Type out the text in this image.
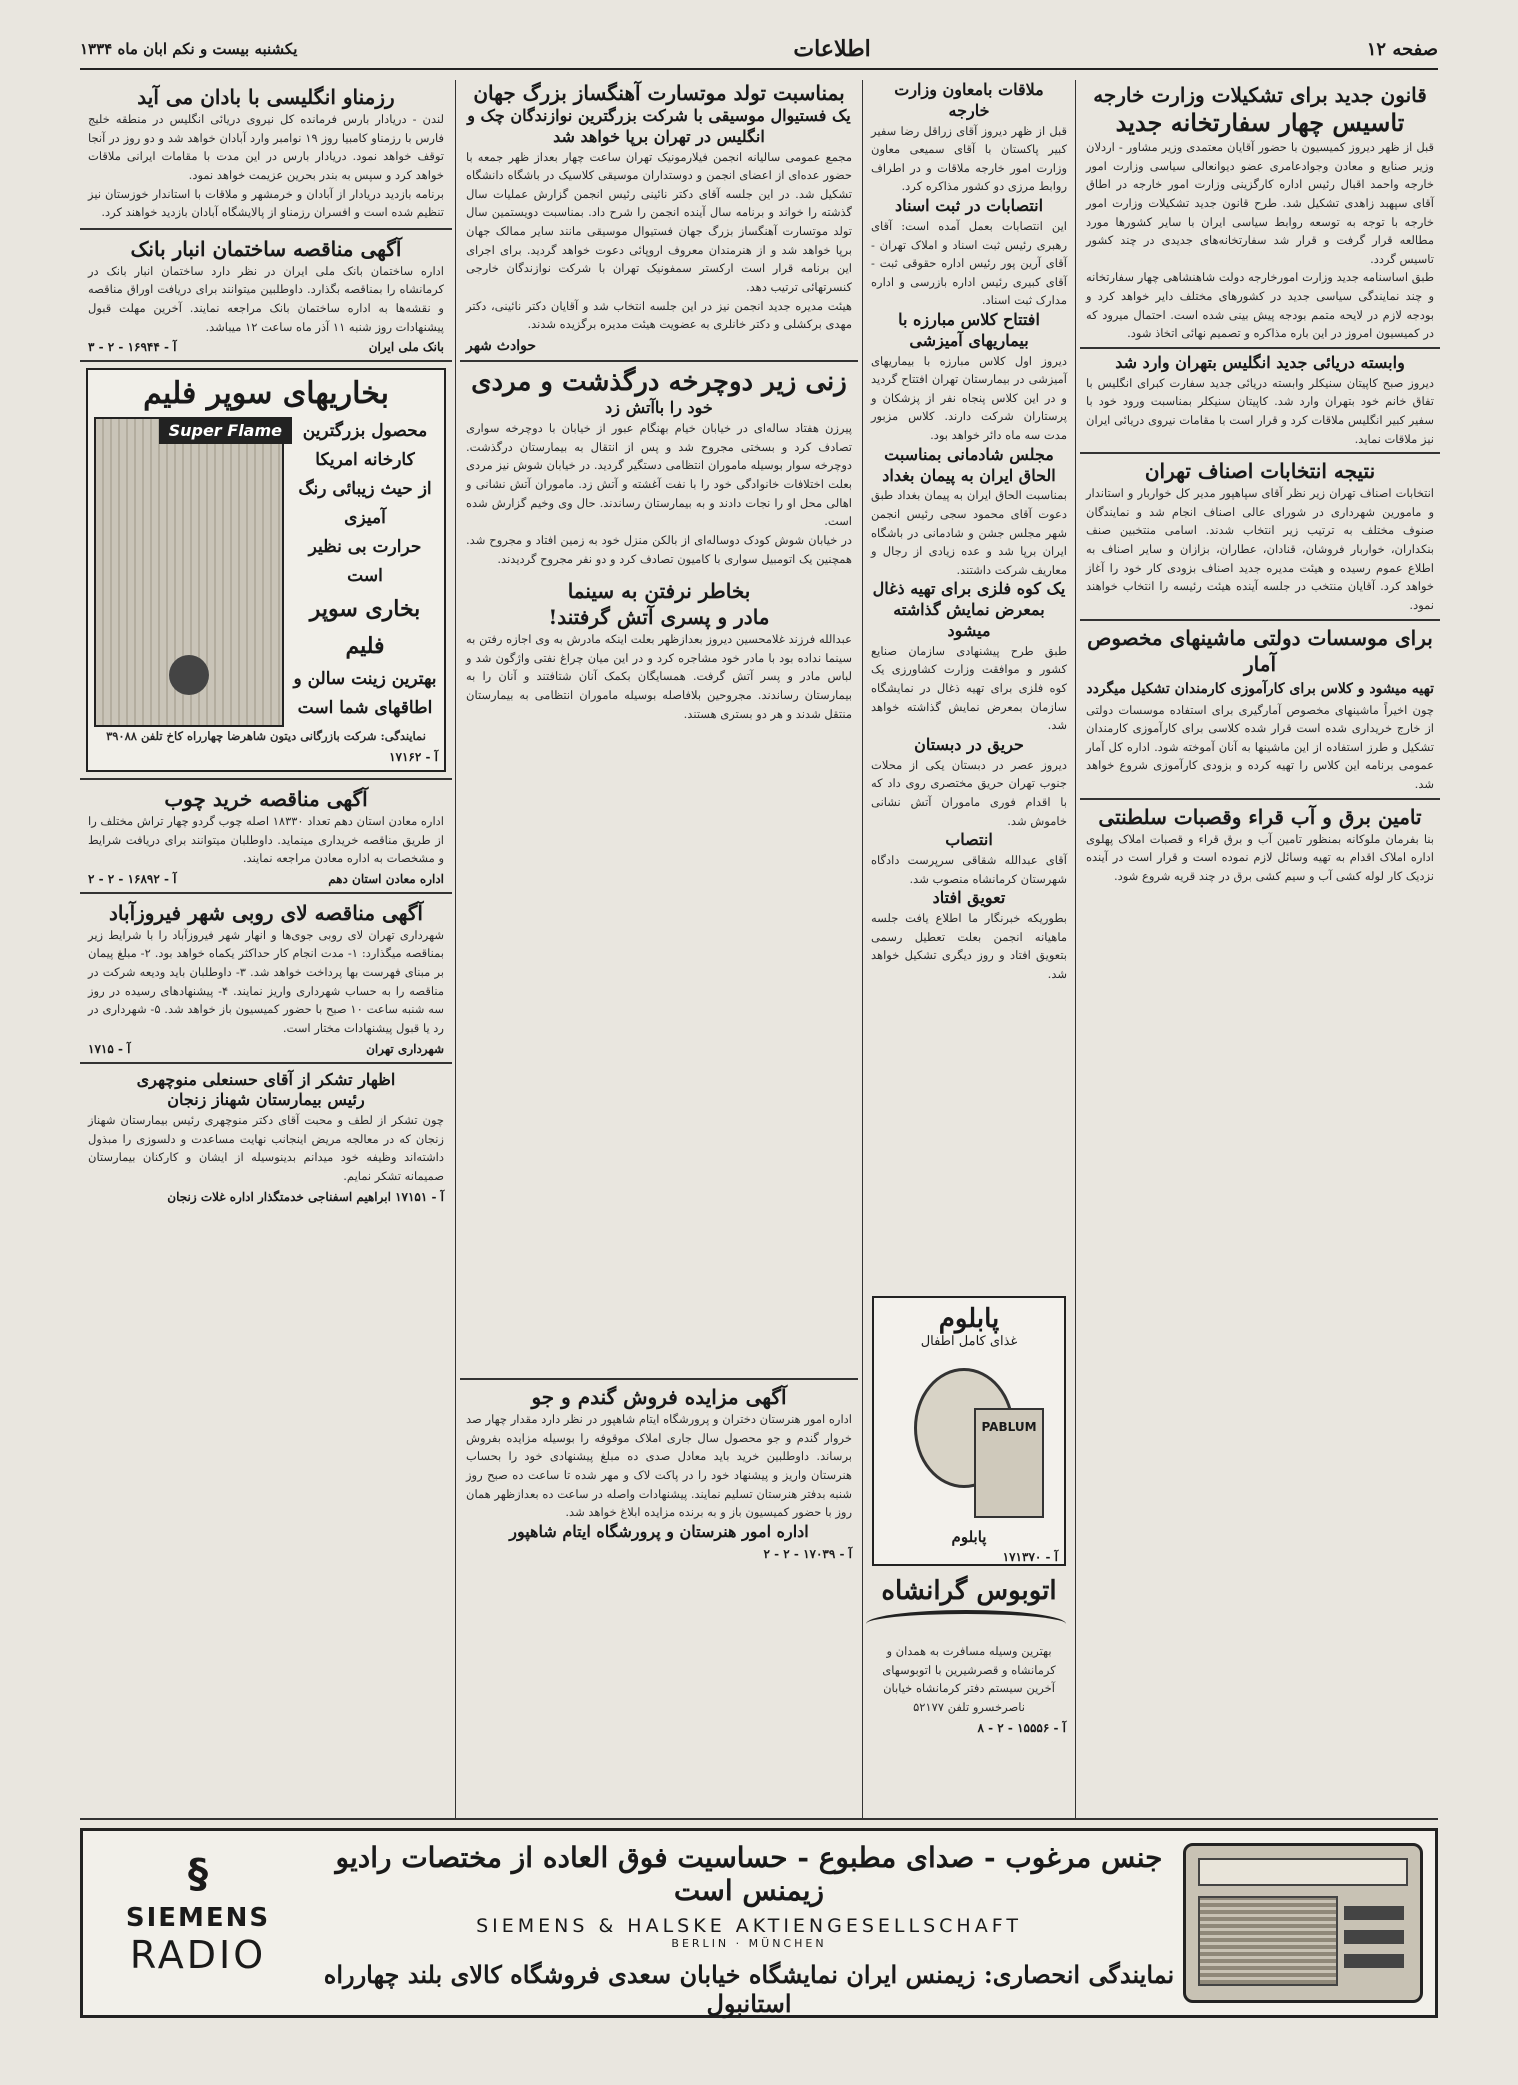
صفحه ۱۲
اطلاعات
یکشنبه بیست و نکم ابان ماه ۱۳۳۴
قانون جدید برای تشکیلات وزارت خارجه
تاسیس چهار سفارتخانه جدید

قبل از ظهر دیروز کمیسیون با حضور آقایان معتمدی وزیر مشاور - اردلان وزیر صنایع و معادن وجوادعامری عضو دیوانعالی سیاسی وزارت امور خارجه واحمد اقبال رئیس اداره کارگزینی وزارت امور خارجه در اطاق آقای سپهبد زاهدی تشکیل شد. طرح قانون جدید تشکیلات وزارت امور خارجه با توجه به توسعه روابط سیاسی ایران با سایر کشورها مورد مطالعه قرار گرفت و قرار شد سفارتخانه‌های جدیدی در چند کشور تاسیس گردد.

طبق اساسنامه جدید وزارت امورخارجه دولت شاهنشاهی چهار سفارتخانه و چند نمایندگی سیاسی جدید در کشورهای مختلف دایر خواهد کرد و بودجه لازم در لایحه متمم بودجه پیش بینی شده است. احتمال میرود که در کمیسیون امروز در این باره مذاکره و تصمیم نهائی اتخاذ شود.

وابسته دریائی جدید انگلیس بتهران وارد شد

دیروز صبح کاپیتان سنیکلر وابسته دریائی جدید سفارت کبرای انگلیس با تفاق خانم خود بتهران وارد شد. کاپیتان سنیکلر بمناسبت ورود خود با سفیر کبیر انگلیس ملاقات کرد و قرار است با مقامات نیروی دریائی ایران نیز ملاقات نماید.

نتیجه انتخابات اصناف تهران

انتخابات اصناف تهران زیر نظر آقای سپاهپور مدیر کل خواربار و استاندار و مامورین شهرداری در شورای عالی اصناف انجام شد و نمایندگان صنوف مختلف به ترتیب زیر انتخاب شدند. اسامی منتخبین صنف بنکداران، خواربار فروشان، قنادان، عطاران، بزازان و سایر اصناف به اطلاع عموم رسیده و هیئت مدیره جدید اصناف بزودی کار خود را آغاز خواهد کرد. آقایان منتخب در جلسه آینده هیئت رئیسه را انتخاب خواهند نمود.

برای موسسات دولتی ماشینهای مخصوص آمار
تهیه میشود و کلاس برای کارآموزی کارمندان تشکیل میگردد

چون اخیراً ماشینهای مخصوص آمارگیری برای استفاده موسسات دولتی از خارج خریداری شده است قرار شده کلاسی برای کارآموزی کارمندان تشکیل و طرز استفاده از این ماشینها به آنان آموخته شود. اداره کل آمار عمومی برنامه این کلاس را تهیه کرده و بزودی کارآموزی شروع خواهد شد.

تامین برق و آب قراء وقصبات سلطنتی

بنا بفرمان ملوکانه بمنظور تامین آب و برق قراء و قصبات املاک پهلوی اداره املاک اقدام به تهیه وسائل لازم نموده است و قرار است در آینده نزدیک کار لوله کشی آب و سیم کشی برق در چند قریه شروع شود.

ملاقات بامعاون وزارت خارجه

قبل از ظهر دیروز آقای زراقل رضا سفیر کبیر پاکستان با آقای سمیعی معاون وزارت امور خارجه ملاقات و در اطراف روابط مرزی دو کشور مذاکره کرد.

انتصابات در ثبت اسناد

این انتصابات بعمل آمده است: آقای رهبری رئیس ثبت اسناد و املاک تهران - آقای آرین پور رئیس اداره حقوقی ثبت - آقای کبیری رئیس اداره بازرسی و اداره مدارک ثبت اسناد.

افتتاح کلاس مبارزه با بیماریهای آمیزشی

دیروز اول کلاس مبارزه با بیماریهای آمیزشی در بیمارستان تهران افتتاح گردید و در این کلاس پنجاه نفر از پزشکان و پرستاران شرکت دارند. کلاس مزبور مدت سه ماه دائر خواهد بود.

مجلس شادمانی بمناسبت الحاق ایران به پیمان بغداد

بمناسبت الحاق ایران به پیمان بغداد طبق دعوت آقای محمود سجی رئیس انجمن شهر مجلس جشن و شادمانی در باشگاه ایران برپا شد و عده زیادی از رجال و معاریف شرکت داشتند.

یک کوه فلزی برای تهیه ذغال بمعرض نمایش گذاشته میشود

طبق طرح پیشنهادی سازمان صنایع کشور و موافقت وزارت کشاورزی یک کوه فلزی برای تهیه ذغال در نمایشگاه سازمان بمعرض نمایش گذاشته خواهد شد.

حریق در دبستان

دیروز عصر در دبستان یکی از محلات جنوب تهران حریق مختصری روی داد که با اقدام فوری ماموران آتش نشانی خاموش شد.

انتصاب

آقای عبدالله شقاقی سرپرست دادگاه شهرستان کرمانشاه منصوب شد.

تعویق افتاد

بطوریکه خبرنگار ما اطلاع یافت جلسه ماهیانه انجمن بعلت تعطیل رسمی بتعویق افتاد و روز دیگری تشکیل خواهد شد.

پابلوم
غذای کامل اطفال
PABLUM
پابلوم
آ - ۱۷۱۳۷۰
اتوبوس گرانشاه

بهترین وسیله مسافرت به همدان و کرمانشاه و قصرشیرین با اتوبوسهای آخرین سیستم دفتر کرمانشاه خیابان ناصرخسرو تلفن ۵۲۱۷۷

آ - ۱۵۵۵۶ - ۲ - ۸
بمناسبت تولد موتسارت آهنگساز بزرگ جهان
یک فستیوال موسیقی با شرکت بزرگترین نوازندگان چک و انگلیس در تهران برپا خواهد شد

مجمع عمومی سالیانه انجمن فیلارمونیک تهران ساعت چهار بعداز ظهر جمعه با حضور عده‌ای از اعضای انجمن و دوستداران موسیقی کلاسیک در باشگاه دانشگاه تشکیل شد. در این جلسه آقای دکتر نائینی رئیس انجمن گزارش عملیات سال گذشته را خواند و برنامه سال آینده انجمن را شرح داد. بمناسبت دویستمین سال تولد موتسارت آهنگساز بزرگ جهان فستیوال موسیقی مانند سایر ممالک جهان برپا خواهد شد و از هنرمندان معروف اروپائی دعوت خواهد گردید. برای اجرای این برنامه قرار است ارکستر سمفونیک تهران با شرکت نوازندگان خارجی کنسرتهائی ترتیب دهد.

هیئت مدیره جدید انجمن نیز در این جلسه انتخاب شد و آقایان دکتر نائینی، دکتر مهدی برکشلی و دکتر خانلری به عضویت هیئت مدیره برگزیده شدند.

حوادث شهر
زنی زیر دوچرخه درگذشت و مردی
خود را باآتش زد

پیرزن هفتاد ساله‌ای در خیابان خیام بهنگام عبور از خیابان با دوچرخه سواری تصادف کرد و بسختی مجروح شد و پس از انتقال به بیمارستان درگذشت. دوچرخه سوار بوسیله ماموران انتظامی دستگیر گردید. در خیابان شوش نیز مردی بعلت اختلافات خانوادگی خود را با نفت آغشته و آتش زد. ماموران آتش نشانی و اهالی محل او را نجات دادند و به بیمارستان رساندند. حال وی وخیم گزارش شده است.

در خیابان شوش کودک دوساله‌ای از بالکن منزل خود به زمین افتاد و مجروح شد. همچنین یک اتومبیل سواری با کامیون تصادف کرد و دو نفر مجروح گردیدند.

بخاطر نرفتن به سینما
مادر و پسری آتش گرفتند!

عبدالله فرزند غلامحسین دیروز بعدازظهر بعلت اینکه مادرش به وی اجازه رفتن به سینما نداده بود با مادر خود مشاجره کرد و در این میان چراغ نفتی واژگون شد و لباس مادر و پسر آتش گرفت. همسایگان بکمک آنان شتافتند و آنان را به بیمارستان رساندند. مجروحین بلافاصله بوسیله ماموران انتظامی به بیمارستان منتقل شدند و هر دو بستری هستند.

آگهی مزایده فروش گندم و جو

اداره امور هنرستان دختران و پرورشگاه ایتام شاهپور در نظر دارد مقدار چهار صد خروار گندم و جو محصول سال جاری املاک موقوفه را بوسیله مزایده بفروش برساند. داوطلبین خرید باید معادل صدی ده مبلغ پیشنهادی خود را بحساب هنرستان واریز و پیشنهاد خود را در پاکت لاک و مهر شده تا ساعت ده صبح روز شنبه بدفتر هنرستان تسلیم نمایند. پیشنهادات واصله در ساعت ده بعدازظهر همان روز با حضور کمیسیون باز و به برنده مزایده ابلاغ خواهد شد.

اداره امور هنرستان و پرورشگاه ایتام شاهپور
آ - ۱۷۰۳۹ - ۲ - ۲
رزمناو انگلیسی با بادان می آید

لندن - دریادار بارس فرمانده کل نیروی دریائی انگلیس در منطقه خلیج فارس با رزمناو کامبیا روز ۱۹ نوامبر وارد آبادان خواهد شد و دو روز در آنجا توقف خواهد نمود. دریادار بارس در این مدت با مقامات ایرانی ملاقات خواهد کرد و سپس به بندر بحرین عزیمت خواهد نمود.

برنامه بازدید دریادار از آبادان و خرمشهر و ملاقات با استاندار خوزستان نیز تنظیم شده است و افسران رزمناو از پالایشگاه آبادان بازدید خواهند کرد.

آگهی مناقصه ساختمان انبار بانک

اداره ساختمان بانک ملی ایران در نظر دارد ساختمان انبار بانک در کرمانشاه را بمناقصه بگذارد. داوطلبین میتوانند برای دریافت اوراق مناقصه و نقشه‌ها به اداره ساختمان بانک مراجعه نمایند. آخرین مهلت قبول پیشنهادات روز شنبه ۱۱ آذر ماه ساعت ۱۲ میباشد.

بانک ملی ایران
آ - ۱۶۹۴۴ - ۲ - ۳
بخاریهای سوپر فلیم
محصول بزرگترین کارخانه امریکا
از حیث زیبائی رنگ آمیزی
حرارت بی نظیر است
بخاری سوپر فلیم
بهترین زینت سالن و
اطاقهای شما است
Super Flame
نمایندگی: شرکت بازرگانی دیتون شاهرضا چهارراه کاخ تلفن ۳۹۰۸۸
آ - ۱۷۱۶۲
آگهی مناقصه خرید چوب

اداره معادن استان دهم تعداد ۱۸۳۳۰ اصله چوب گردو چهار تراش مختلف را از طریق مناقصه خریداری مینماید. داوطلبان میتوانند برای دریافت شرایط و مشخصات به اداره معادن مراجعه نمایند.

اداره معادن استان دهم
آ - ۱۶۸۹۲ - ۲ - ۲
آگهی مناقصه لای روبی شهر فیروزآباد

شهرداری تهران لای روبی جوی‌ها و انهار شهر فیروزآباد را با شرایط زیر بمناقصه میگذارد: ۱- مدت انجام کار حداکثر یکماه خواهد بود. ۲- مبلغ پیمان بر مبنای فهرست بها پرداخت خواهد شد. ۳- داوطلبان باید ودیعه شرکت در مناقصه را به حساب شهرداری واریز نمایند. ۴- پیشنهادهای رسیده در روز سه شنبه ساعت ۱۰ صبح با حضور کمیسیون باز خواهد شد. ۵- شهرداری در رد یا قبول پیشنهادات مختار است.

شهرداری تهران
آ - ۱۷۱۵
اظهار تشکر از آقای حسنعلی منوچهری
رئیس بیمارستان شهناز زنجان

چون تشکر از لطف و محبت آقای دکتر منوچهری رئیس بیمارستان شهناز زنجان که در معالجه مریض اینجانب نهایت مساعدت و دلسوزی را مبذول داشته‌اند وظیفه خود میدانم بدینوسیله از ایشان و کارکنان بیمارستان صمیمانه تشکر نمایم.

آ - ۱۷۱۵۱ ابراهیم اسفناجی خدمتگذار اداره غلات زنجان
§
SIEMENS
RADIO
جنس مرغوب - صدای مطبوع - حساسیت فوق العاده از مختصات رادیو زیمنس است
SIEMENS & HALSKE AKTIENGESELLSCHAFT
BERLIN · MÜNCHEN
نمایندگی انحصاری: زیمنس ایران نمایشگاه خیابان سعدی فروشگاه کالای بلند چهارراه استانبول
